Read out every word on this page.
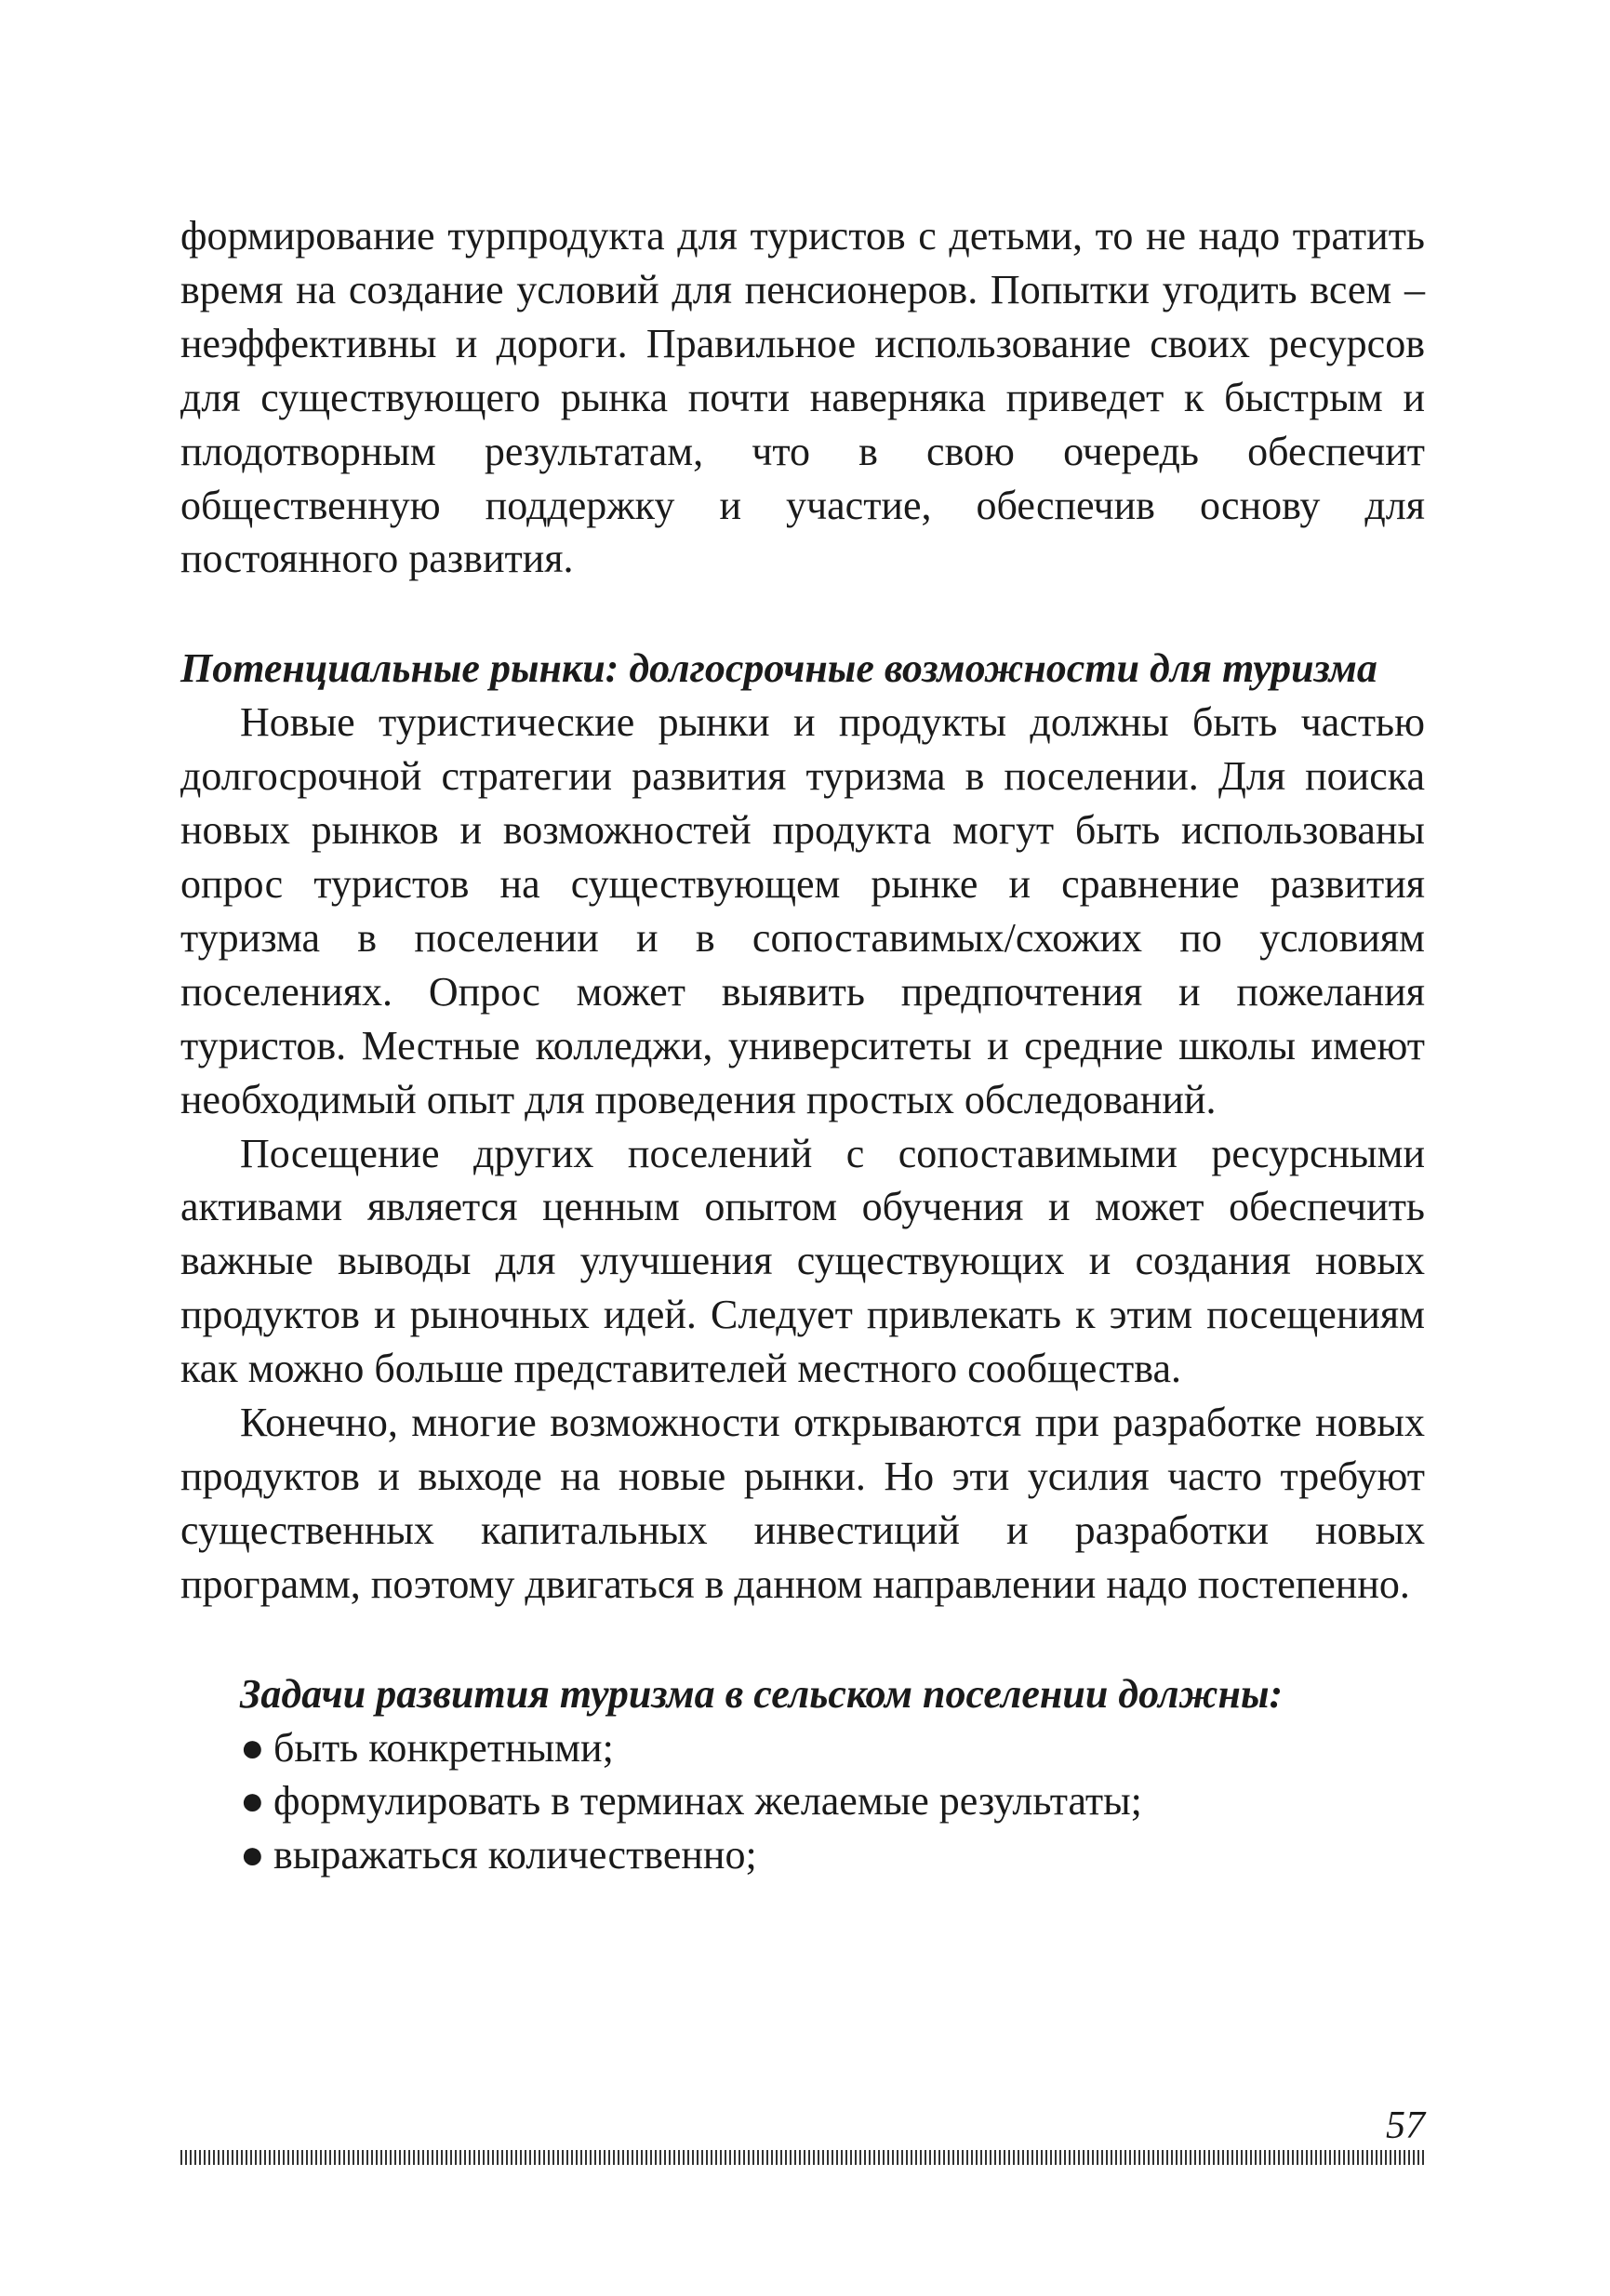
формирование турпродукта для туристов с детьми, то не надо тратить время на создание условий для пенсионеров. Попытки угодить всем – неэффективны и дороги. Правильное использование своих ресурсов для существующего рынка почти наверняка приведет к быстрым и плодотворным результатам, что в свою очередь обеспечит общественную поддержку и участие, обеспечив основу для постоянного развития.

Потенциальные рынки: долгосрочные возможности для туризма

Новые туристические рынки и продукты должны быть частью долгосрочной стратегии развития туризма в поселении. Для поиска новых рынков и возможностей продукта могут быть использованы опрос туристов на существующем рынке и сравнение развития туризма в поселении и в сопоставимых/схожих по условиям поселениях. Опрос может выявить предпочтения и пожелания туристов. Местные колледжи, университеты и средние школы имеют необходимый опыт для проведения простых обследований.

Посещение других поселений с сопоставимыми ресурсными активами является ценным опытом обучения и может обеспечить важные выводы для улучшения существующих и создания новых продуктов и рыночных идей. Следует привлекать к этим посещениям как можно больше представителей местного сообщества.

Конечно, многие возможности открываются при разработке новых продуктов и выходе на новые рынки. Но эти усилия часто требуют существенных капитальных инвестиций и разработки новых программ, поэтому двигаться в данном направлении надо постепенно.

Задачи развития туризма в сельском поселении должны:

● быть конкретными;
● формулировать в терминах желаемые результаты;
● выражаться количественно;
57
